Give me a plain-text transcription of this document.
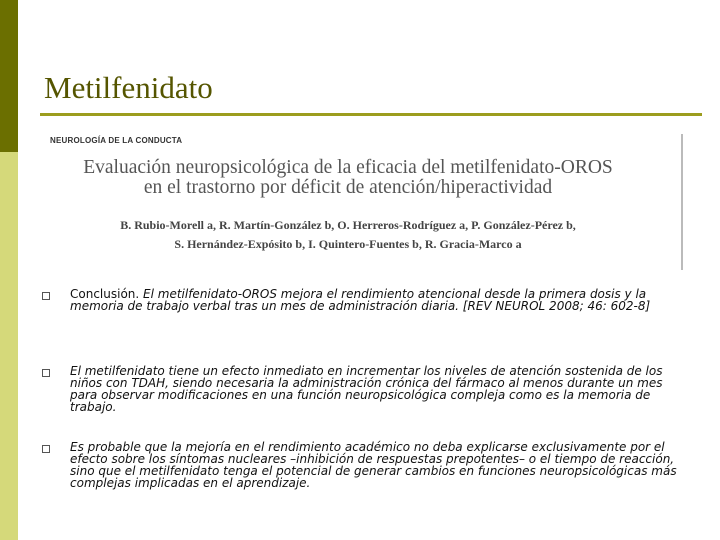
Metilfenidato
NEUROLOGÍA DE LA CONDUCTA
Evaluación neuropsicológica de la eficacia del metilfenidato-OROS
en el trastorno por déficit de atención/hiperactividad
B. Rubio-Morell a, R. Martín-González b, O. Herreros-Rodríguez a, P. González-Pérez b,
S. Hernández-Expósito b, I. Quintero-Fuentes b, R. Gracia-Marco a
Conclusión. El metilfenidato-OROS mejora el rendimiento atencional desde la primera dosis y la memoria de trabajo verbal tras un mes de administración diaria. [REV NEUROL 2008; 46: 602-8]
El metilfenidato tiene un efecto inmediato en incrementar los niveles de atención sostenida de los niños con TDAH, siendo necesaria la administración crónica del fármaco al menos durante un mes para observar modificaciones en una función neuropsicológica compleja como es la memoria de trabajo.
Es probable que la mejoría en el rendimiento académico no deba explicarse exclusivamente por el efecto sobre los síntomas nucleares –inhibición de respuestas prepotentes– o el tiempo de reacción, sino que el metilfenidato tenga el potencial de generar cambios en funciones neuropsicológicas más complejas implicadas en el aprendizaje.
